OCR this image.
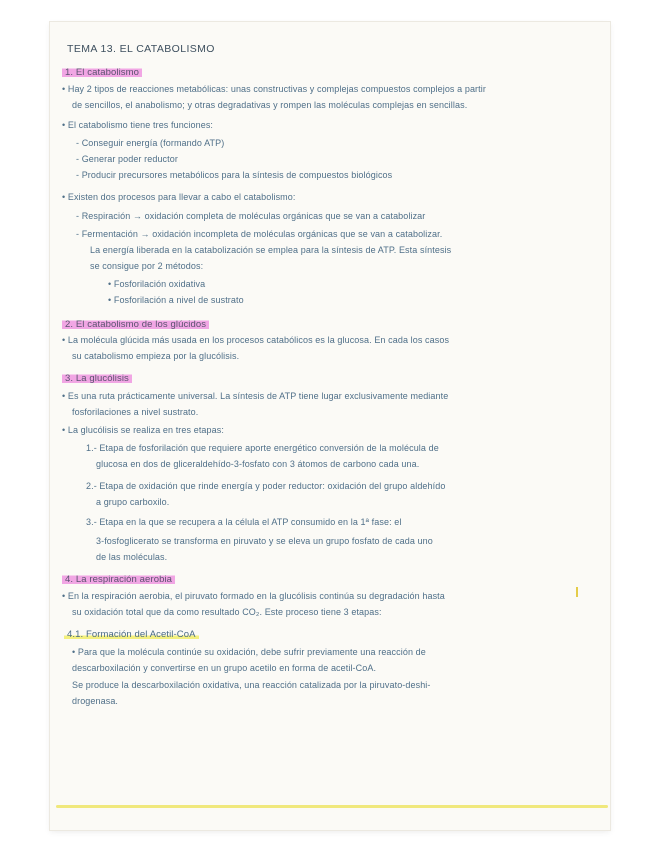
TEMA 13. EL CATABOLISMO
1. El catabolismo
• Hay 2 tipos de reacciones metabólicas: unas constructivas y complejas compuestos complejos a partir
de sencillos, el anabolismo; y otras degradativas y rompen las moléculas complejas en sencillas.
• El catabolismo tiene tres funciones:
- Conseguir energía (formando ATP)
- Generar poder reductor
- Producir precursores metabólicos para la síntesis de compuestos biológicos
• Existen dos procesos para llevar a cabo el catabolismo:
- Respiración → oxidación completa de moléculas orgánicas que se van a catabolizar
- Fermentación → oxidación incompleta de moléculas orgánicas que se van a catabolizar.
La energía liberada en la catabolización se emplea para la síntesis de ATP. Esta síntesis
se consigue por 2 métodos:
• Fosforilación oxidativa
• Fosforilación a nivel de sustrato
2. El catabolismo de los glúcidos
• La molécula glúcida más usada en los procesos catabólicos es la glucosa. En cada los casos
su catabolismo empieza por la glucólisis.
3. La glucólisis
• Es una ruta prácticamente universal. La síntesis de ATP tiene lugar exclusivamente mediante
fosforilaciones a nivel sustrato.
• La glucólisis se realiza en tres etapas:
1.- Etapa de fosforilación que requiere aporte energético conversión de la molécula de
glucosa en dos de gliceraldehído-3-fosfato con 3 átomos de carbono cada una.
2.- Etapa de oxidación que rinde energía y poder reductor: oxidación del grupo aldehído
a grupo carboxilo.
3.- Etapa en la que se recupera a la célula el ATP consumido en la 1ª fase: el
3-fosfoglicerato se transforma en piruvato y se eleva un grupo fosfato de cada uno
de las moléculas.
4. La respiración aerobia
• En la respiración aerobia, el piruvato formado en la glucólisis continúa su degradación hasta
su oxidación total que da como resultado CO₂. Este proceso tiene 3 etapas:
4.1. Formación del Acetil-CoA
• Para que la molécula continúe su oxidación, debe sufrir previamente una reacción de
descarboxilación y convertirse en un grupo acetilo en forma de acetil-CoA.
Se produce la descarboxilación oxidativa, una reacción catalizada por la piruvato-deshi-
drogenasa.
